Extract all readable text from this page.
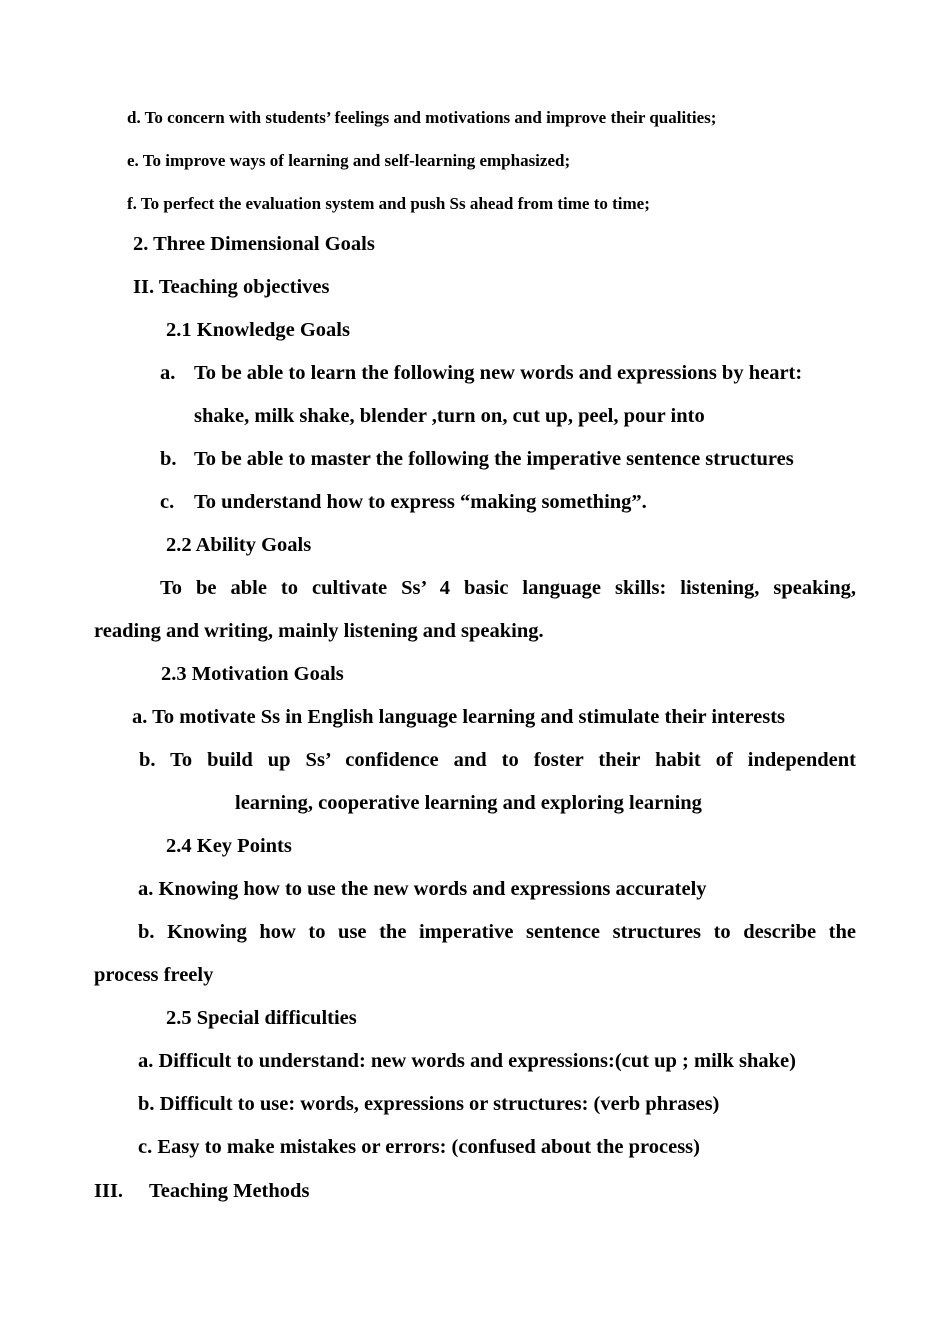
d. To concern with students’ feelings and motivations and improve their qualities;
e. To improve ways of learning and self-learning emphasized;
f. To perfect the evaluation system and push Ss ahead from time to time;
2. Three Dimensional Goals
II. Teaching objectives
2.1 Knowledge Goals
a. To be able to learn the following new words and expressions by heart:
shake, milk shake, blender ,turn on, cut up, peel, pour into
b. To be able to master the following the imperative sentence structures
c. To understand how to express “making something”.
2.2 Ability Goals
To be able to cultivate Ss’ 4 basic language skills: listening, speaking,
reading and writing, mainly listening and speaking.
2.3 Motivation Goals
a. To motivate Ss in English language learning and stimulate their interests
b. To build up Ss’ confidence and to foster their habit of independent
learning, cooperative learning and exploring learning
2.4 Key Points
a. Knowing how to use the new words and expressions accurately
b. Knowing how to use the imperative sentence structures to describe the
process freely
2.5 Special difficulties
a. Difficult to understand: new words and expressions:(cut up ; milk shake)
b. Difficult to use: words, expressions or structures: (verb phrases)
c. Easy to make mistakes or errors: (confused about the process)
III. Teaching Methods
